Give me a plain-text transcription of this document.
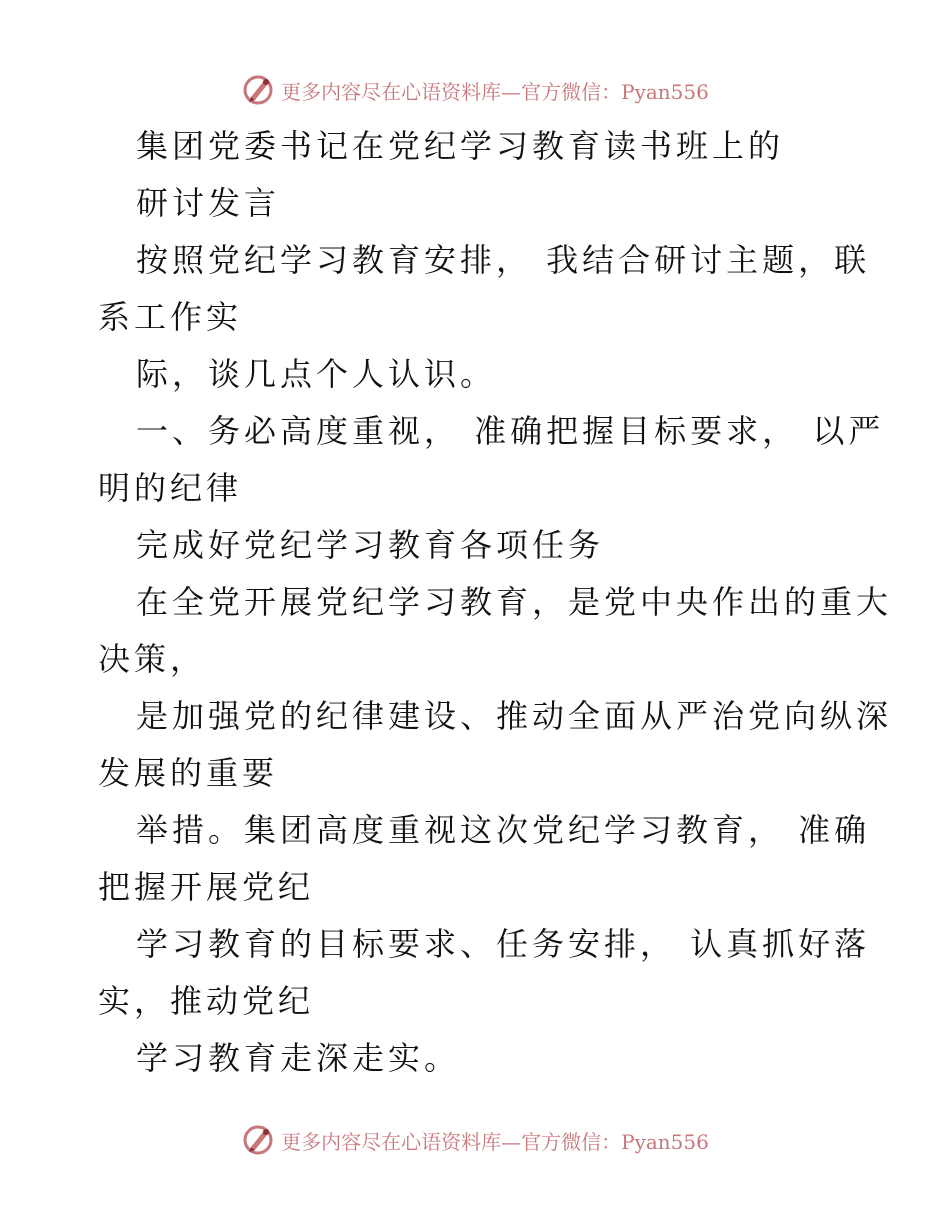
更多内容尽在心语资料库—官方微信：Pyan556
集团党委书记在党纪学习教育读书班上的
研讨发言
按照党纪学习教育安排， 我结合研讨主题，联
系工作实
际，谈几点个人认识。
一、务必高度重视， 准确把握目标要求， 以严
明的纪律
完成好党纪学习教育各项任务
在全党开展党纪学习教育，是党中央作出的重大
决策，
是加强党的纪律建设、推动全面从严治党向纵深
发展的重要
举措。集团高度重视这次党纪学习教育， 准确
把握开展党纪
学习教育的目标要求、任务安排， 认真抓好落
实，推动党纪
学习教育走深走实。
更多内容尽在心语资料库—官方微信：Pyan556
